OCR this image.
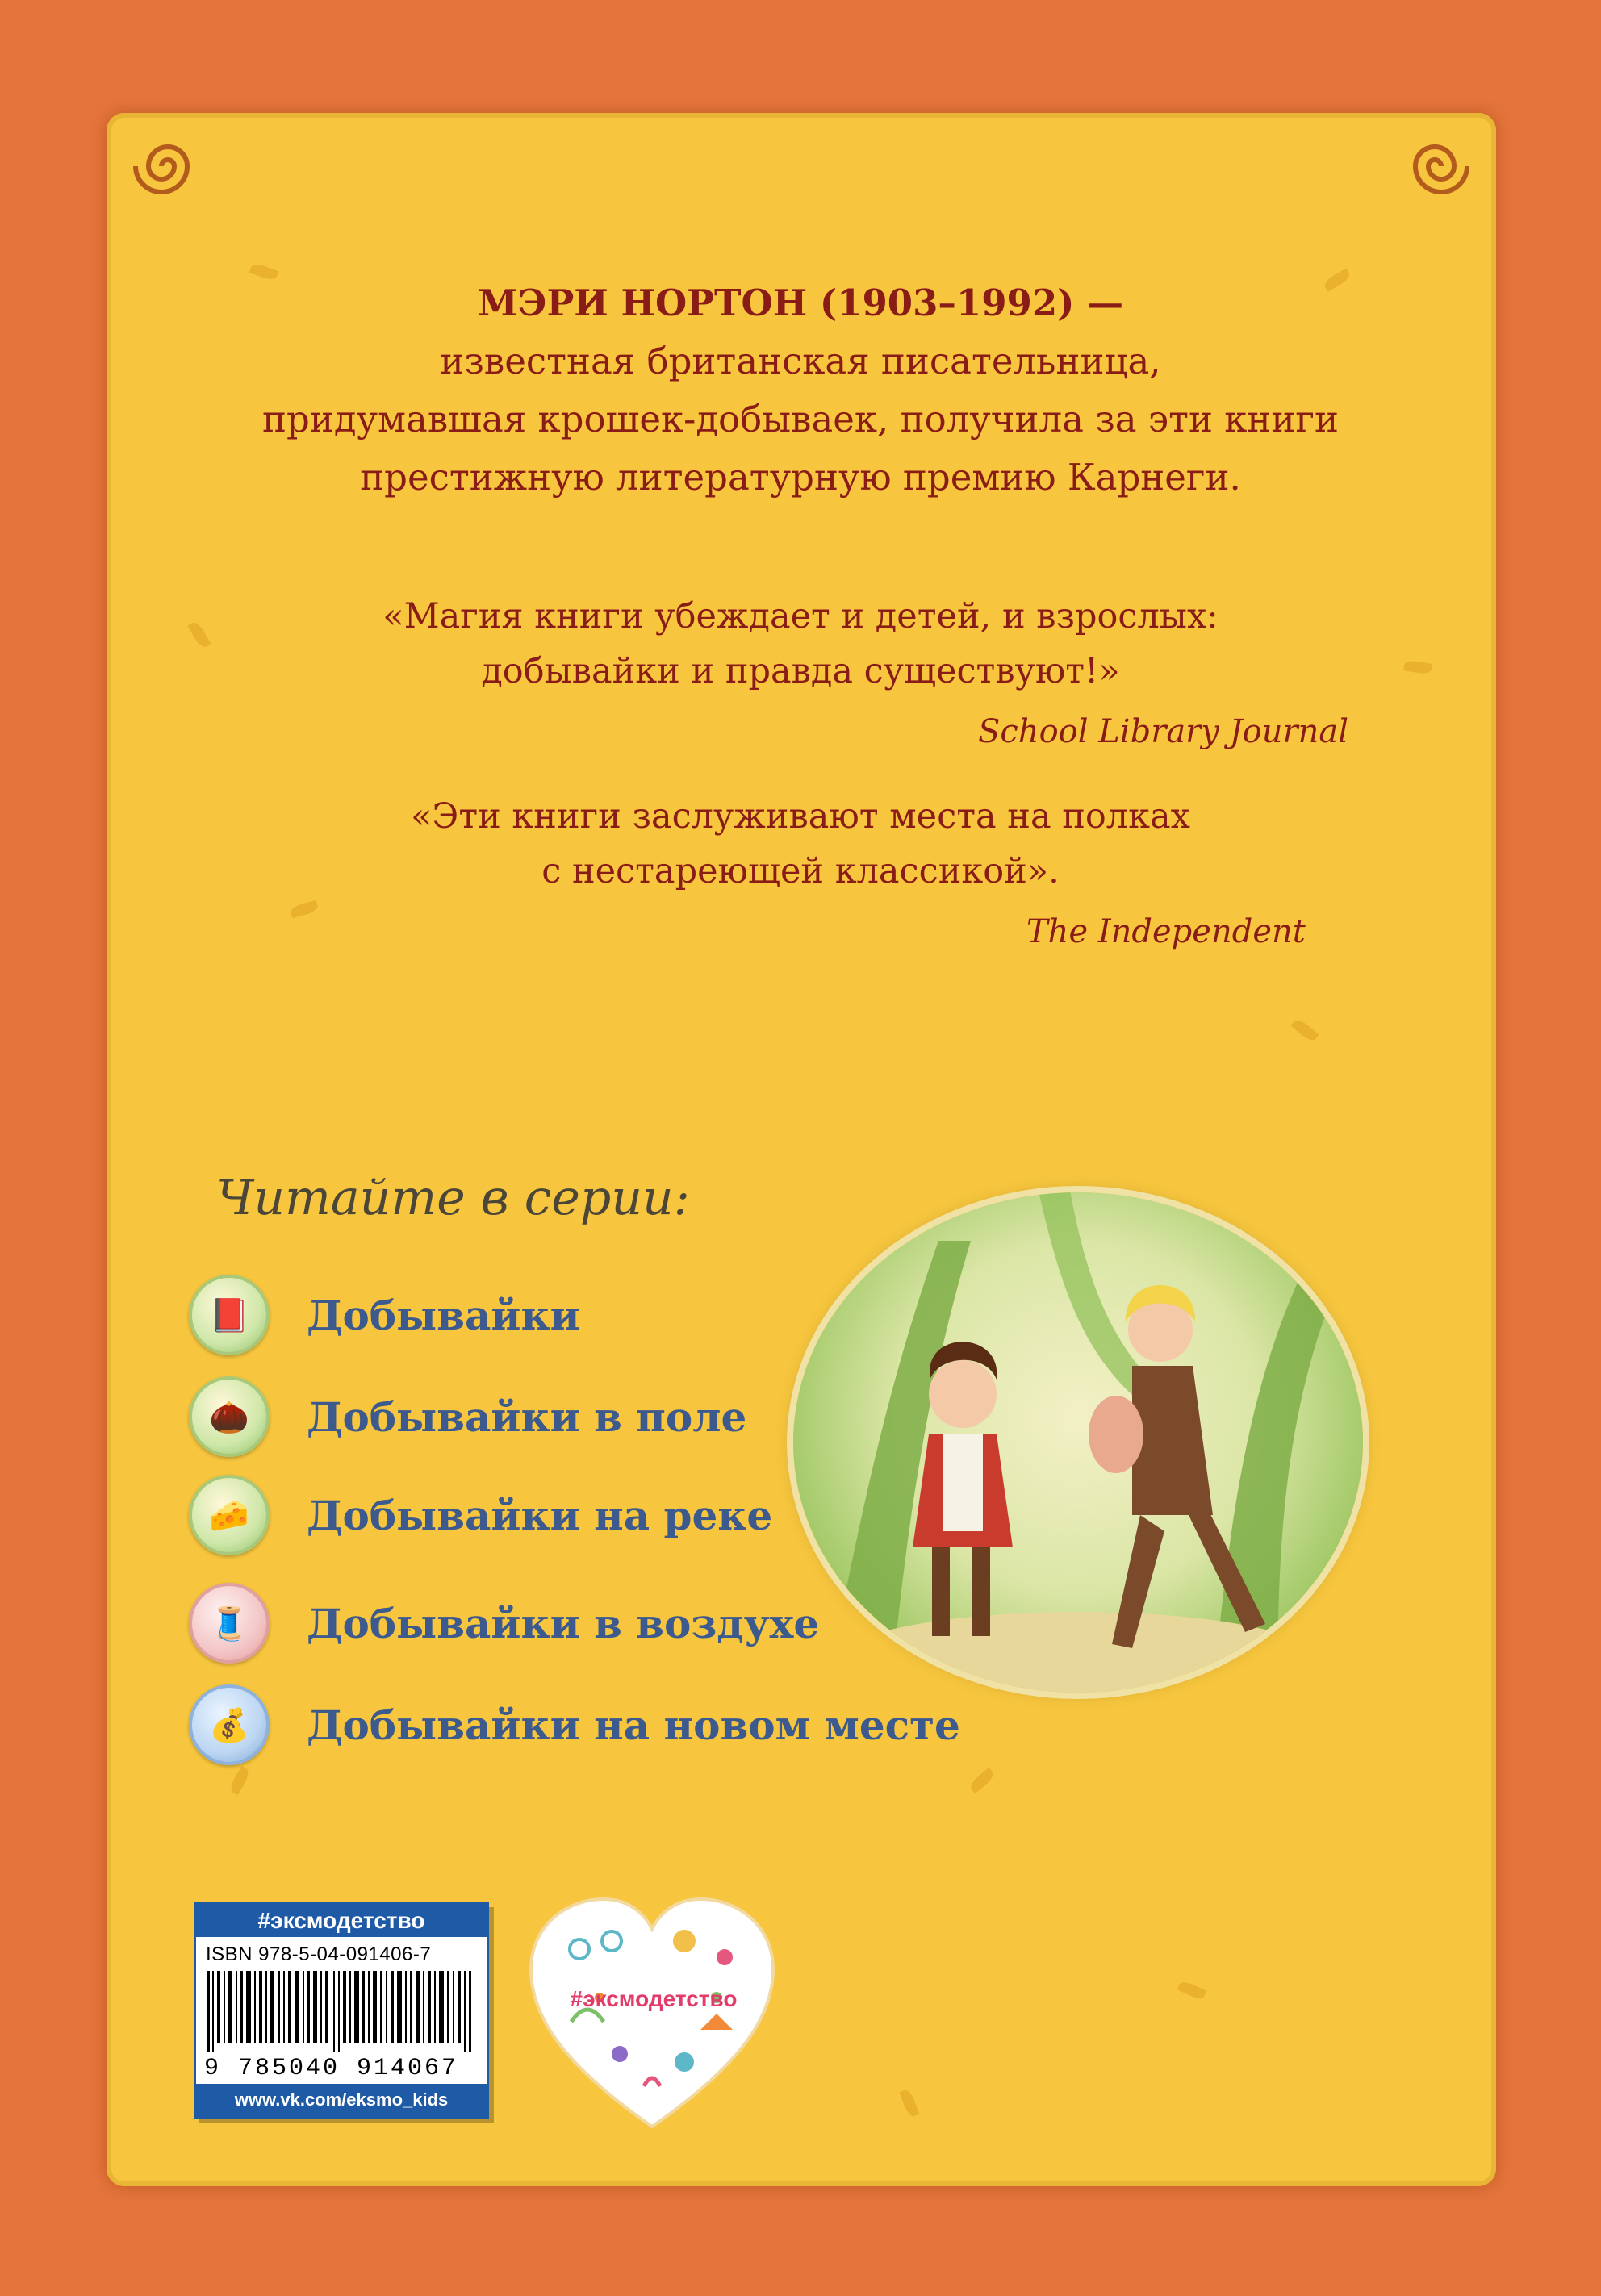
МЭРИ НОРТОН (1903–1992) —
известная британская писательница,
придумавшая крошек-добываек, получила за эти книги
престижную литературную премию Карнеги.
«Магия книги убеждает и детей, и взрослых:
добывайки и правда существуют!»
School Library Journal
«Эти книги заслуживают места на полках
с нестареющей классикой».
The Independent
Читайте в серии:
📕	Добывайки
🌰	Добывайки в поле
🧀	Добывайки на реке
🧵	Добывайки в воздухе
💰	Добывайки на новом месте
#эксмодетство
ISBN 978-5-04-091406-7
9 785040 914067
www.vk.com/eksmo_kids
#эксмодетство
